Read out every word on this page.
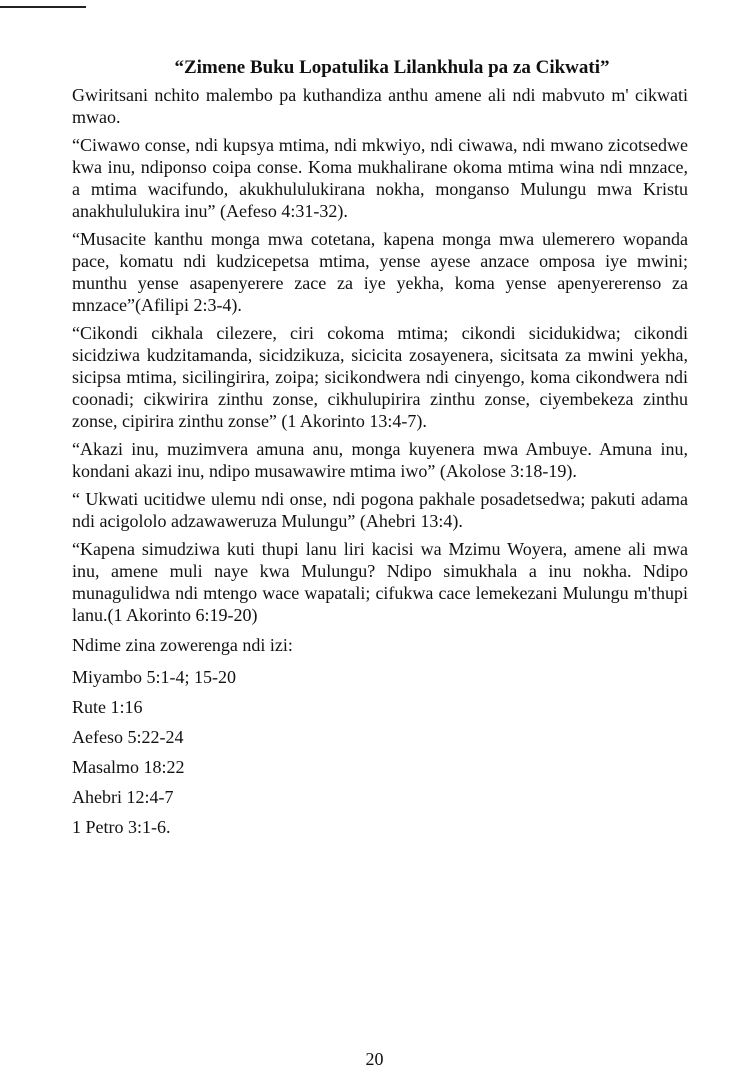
“Zimene Buku Lopatulika Lilankhula pa za Cikwati”

Gwiritsani nchito malembo pa kuthandiza anthu amene ali ndi mabvuto m' cikwati mwao.

“Ciwawo conse, ndi kupsya mtima, ndi mkwiyo, ndi ciwawa, ndi mwano zicotsedwe kwa inu, ndiponso coipa conse. Koma mukhalirane okoma mtima wina ndi mnzace, a mtima wacifundo, akukhululukirana nokha, monganso Mulungu mwa Kristu anakhululukira inu” (Aefeso 4:31-32).

“Musacite kanthu monga mwa cotetana, kapena monga mwa ulemerero wopanda pace, komatu ndi kudzicepetsa mtima, yense ayese anzace omposa iye mwini; munthu yense asapenyerere zace za iye yekha, koma yense apenyererenso za mnzace”(Afilipi 2:3-4).

“Cikondi cikhala cilezere, ciri cokoma mtima; cikondi sicidukidwa; cikondi sicidziwa kudzitamanda, sicidzikuza, sicicita zosayenera, sicitsata za mwini yekha, sicipsa mtima, sicilingirira, zoipa; sicikondwera ndi cinyengo, koma cikondwera ndi coonadi; cikwirira zinthu zonse, cikhulupirira zinthu zonse, ciyembekeza zinthu zonse, cipirira zinthu zonse” (1 Akorinto 13:4-7).

“Akazi inu, muzimvera amuna anu, monga kuyenera mwa Ambuye. Amuna inu, kondani akazi inu, ndipo musawawire mtima iwo” (Akolose 3:18-19).

“ Ukwati ucitidwe ulemu ndi onse, ndi pogona pakhale posadetsedwa; pakuti adama ndi acigololo adzawaweruza Mulungu” (Ahebri 13:4).

“Kapena simudziwa kuti thupi lanu liri kacisi wa Mzimu Woyera, amene ali mwa inu, amene muli naye kwa Mulungu? Ndipo simukhala a inu nokha. Ndipo munagulidwa ndi mtengo wace wapatali; cifukwa cace lemekezani Mulungu m'thupi lanu.(1 Akorinto 6:19-20)

Ndime zina zowerenga ndi izi:

Miyambo 5:1-4; 15-20
Rute 1:16
Aefeso 5:22-24
Masalmo 18:22
Ahebri 12:4-7
1 Petro 3:1-6.
20
